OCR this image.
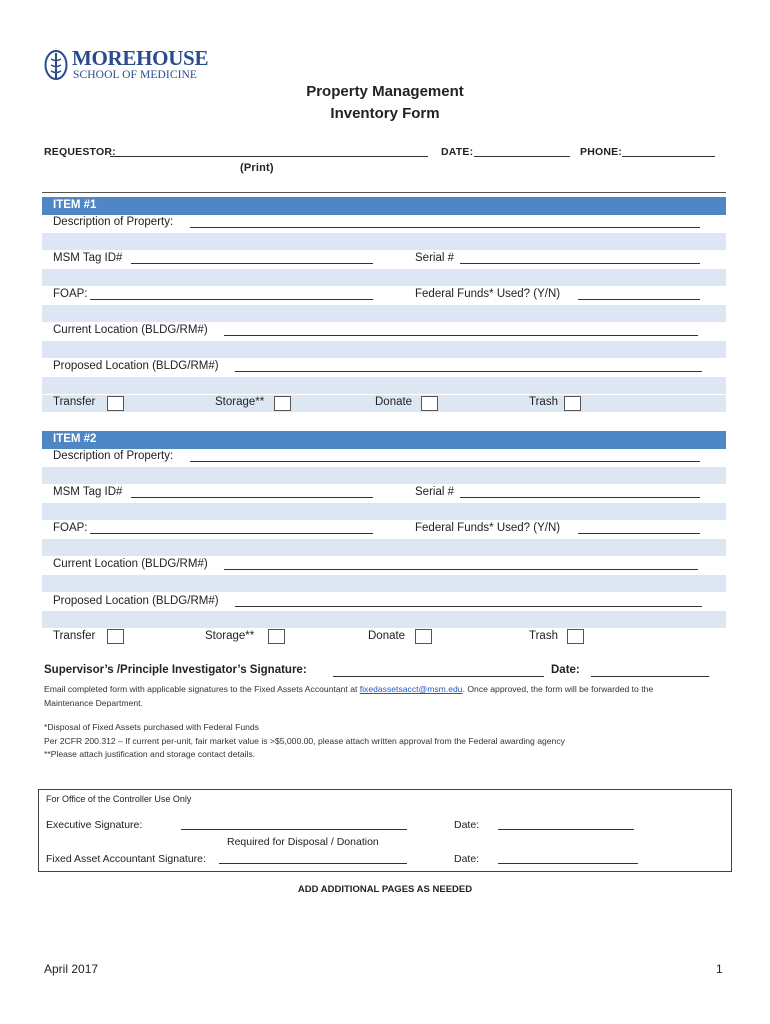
MOREHOUSE
SCHOOL OF MEDICINE
Property Management
Inventory Form
REQUESTOR:	DATE:	PHONE:
(Print)
ITEM #1
Description of Property:
MSM Tag ID#	Serial #
FOAP:	Federal Funds* Used? (Y/N)
Current Location (BLDG/RM#)
Proposed Location (BLDG/RM#)
Transfer	Storage**	Donate	Trash
ITEM #2
Description of Property:
MSM Tag ID#	Serial #
FOAP:	Federal Funds* Used? (Y/N)
Current Location (BLDG/RM#)
Proposed Location (BLDG/RM#)
Transfer	Storage**	Donate	Trash
Supervisor’s /Principle Investigator’s Signature:	Date:
Email completed form with applicable signatures to the Fixed Assets Accountant at fixedassetsacct@msm.edu. Once approved, the form will be forwarded to the
Maintenance Department.
*Disposal of Fixed Assets purchased with Federal Funds
Per 2CFR 200.312 – If current per-unit, fair market value is >$5,000.00, please attach written approval from the Federal awarding agency
**Please attach justification and storage contact details.
For Office of the Controller Use Only
Executive Signature:	Date:
Required for Disposal / Donation
Fixed Asset Accountant Signature:	Date:
ADD ADDITIONAL PAGES AS NEEDED
April 2017	1
